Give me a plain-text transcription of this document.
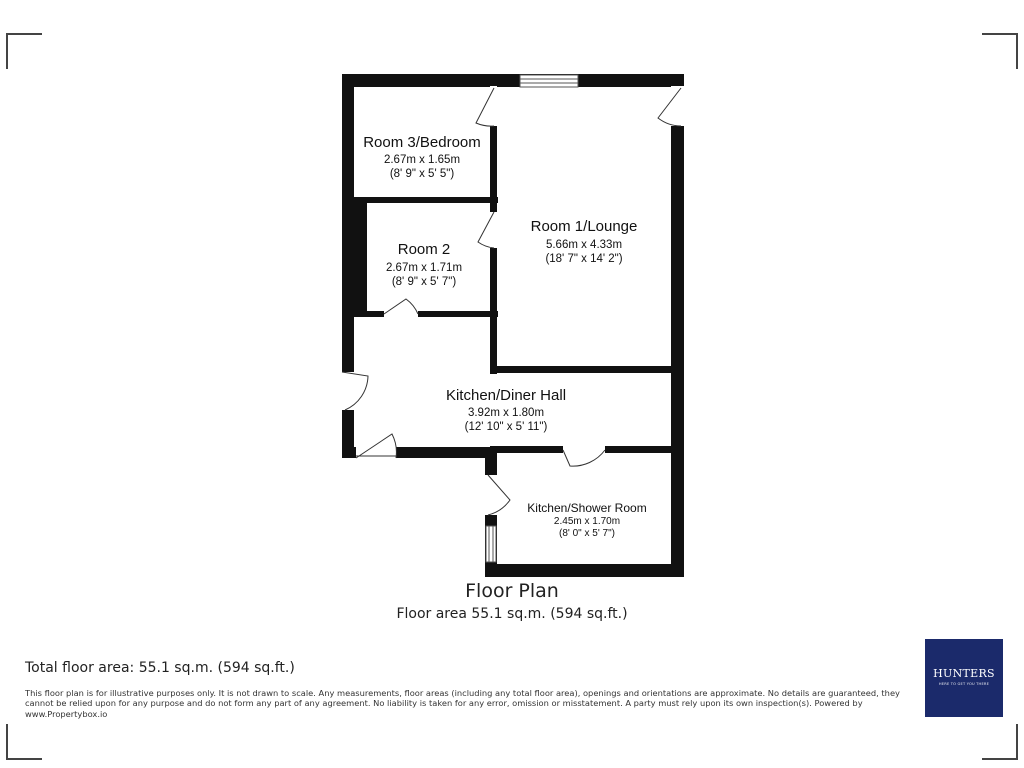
Room 3/Bedroom
2.67m x 1.65m
(8' 9" x 5' 5")
Room 2
2.67m x 1.71m
(8' 9" x 5' 7")
Room 1/Lounge
5.66m x 4.33m
(18' 7" x 14' 2")
Kitchen/Diner Hall
3.92m x 1.80m
(12' 10" x 5' 11")
Kitchen/Shower Room
2.45m x 1.70m
(8' 0" x 5' 7")
Floor Plan
Floor area 55.1 sq.m. (594 sq.ft.)
Total floor area: 55.1 sq.m. (594 sq.ft.)
This floor plan is for illustrative purposes only. It is not drawn to scale. Any measurements, floor areas (including any total floor area), openings and orientations are approximate. No details are guaranteed, they cannot be relied upon for any purpose and do not form any part of any agreement. No liability is taken for any error, omission or misstatement. A party must rely upon its own inspection(s). Powered by www.Propertybox.io
HUNTERS
HERE TO GET YOU THERE
